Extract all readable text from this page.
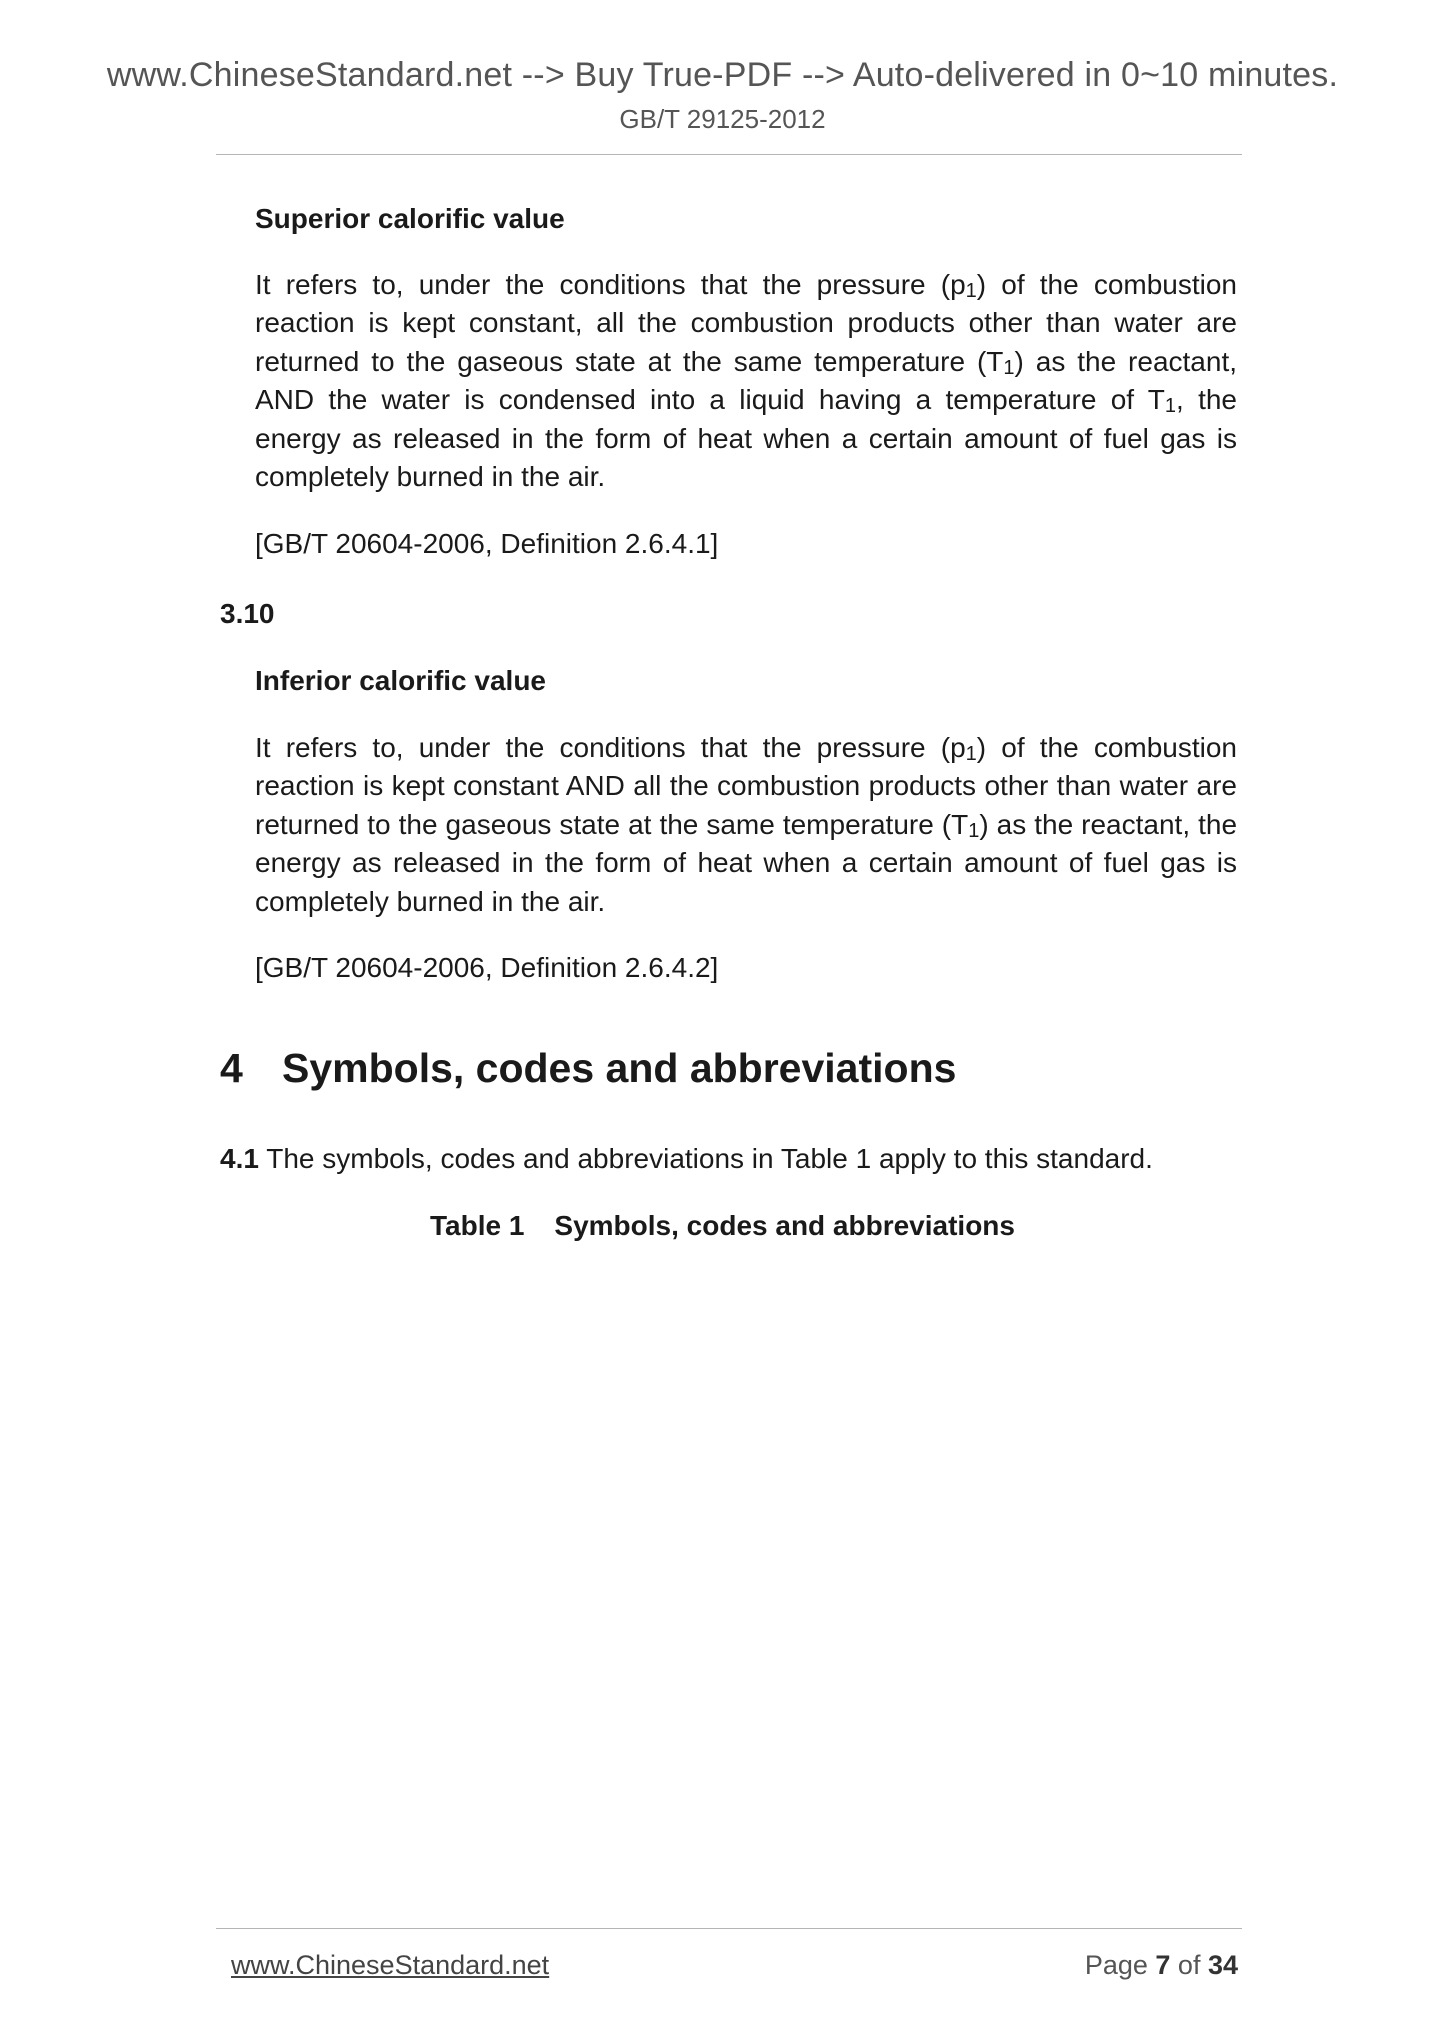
www.ChineseStandard.net --> Buy True-PDF --> Auto-delivered in 0~10 minutes.
GB/T 29125-2012
Superior calorific value
It refers to, under the conditions that the pressure $(p_1)$ of the combustion reaction is kept constant, all the combustion products other than water are returned to the gaseous state at the same temperature $(T_1)$ as the reactant, AND the water is condensed into a liquid having a temperature of $T_1$, the energy as released in the form of heat when a certain amount of fuel gas is completely burned in the air.
[GB/T 20604-2006, Definition 2.6.4.1]
3.10
Inferior calorific value
It refers to, under the conditions that the pressure $(p_1)$ of the combustion reaction is kept constant AND all the combustion products other than water are returned to the gaseous state at the same temperature $(T_1)$ as the reactant, the energy as released in the form of heat when a certain amount of fuel gas is completely burned in the air.
[GB/T 20604-2006, Definition 2.6.4.2]
4 Symbols, codes and abbreviations
4.1 The symbols, codes and abbreviations in Table 1 apply to this standard.
Table 1 Symbols, codes and abbreviations
www.ChineseStandard.net	Page 7 of 34
